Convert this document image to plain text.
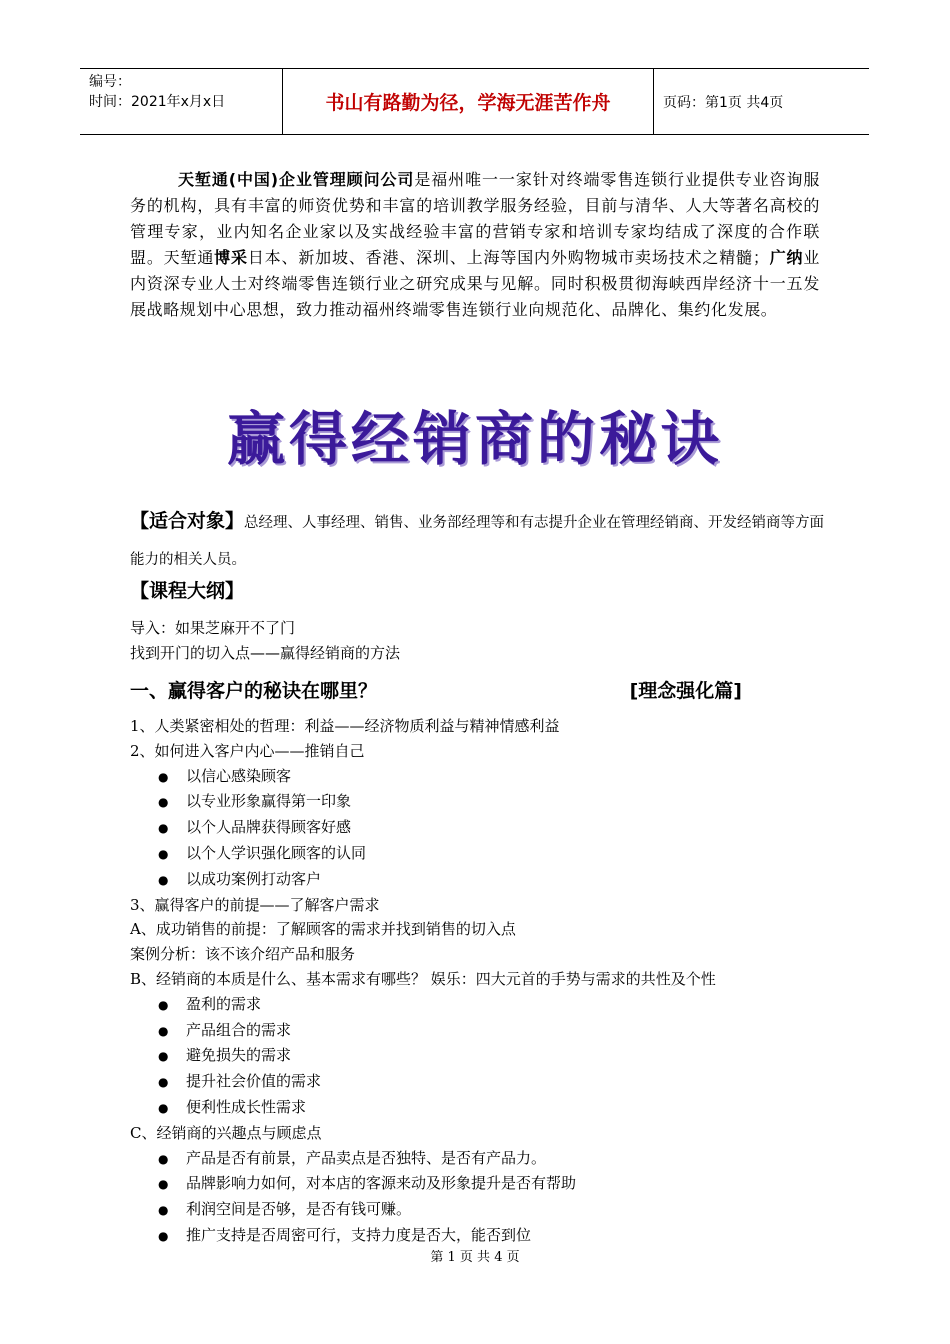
编号：
时间：2021年x月x日	书山有路勤为径，学海无涯苦作舟	页码：第1页 共4页
天堑通(中国)企业管理顾问公司是福州唯一一家针对终端零售连锁行业提供专业咨询服务的机构，具有丰富的师资优势和丰富的培训教学服务经验，目前与清华、人大等著名高校的管理专家，业内知名企业家以及实战经验丰富的营销专家和培训专家均结成了深度的合作联盟。天堑通博采日本、新加坡、香港、深圳、上海等国内外购物城市卖场技术之精髓；广纳业内资深专业人士对终端零售连锁行业之研究成果与见解。同时积极贯彻海峡西岸经济十一五发展战略规划中心思想，致力推动福州终端零售连锁行业向规范化、品牌化、集约化发展。
赢得经销商的秘诀
【适合对象】总经理、人事经理、销售、业务部经理等和有志提升企业在管理经销商、开发经销商等方面能力的相关人员。
【课程大纲】
导入：如果芝麻开不了门
找到开门的切入点——赢得经销商的方法
一、赢得客户的秘诀在哪里？	[理念强化篇]
1、人类紧密相处的哲理：利益——经济物质利益与精神情感利益
2、如何进入客户内心——推销自己
● 以信心感染顾客
● 以专业形象赢得第一印象
● 以个人品牌获得顾客好感
● 以个人学识强化顾客的认同
● 以成功案例打动客户
3、赢得客户的前提——了解客户需求
A、成功销售的前提：了解顾客的需求并找到销售的切入点
案例分析：该不该介绍产品和服务
B、经销商的本质是什么、基本需求有哪些？ 娱乐：四大元首的手势与需求的共性及个性
● 盈利的需求
● 产品组合的需求
● 避免损失的需求
● 提升社会价值的需求
● 便利性成长性需求
C、经销商的兴趣点与顾虑点
● 产品是否有前景，产品卖点是否独特、是否有产品力。
● 品牌影响力如何，对本店的客源来动及形象提升是否有帮助
● 利润空间是否够，是否有钱可赚。
● 推广支持是否周密可行，支持力度是否大，能否到位
第 1 页 共 4 页
